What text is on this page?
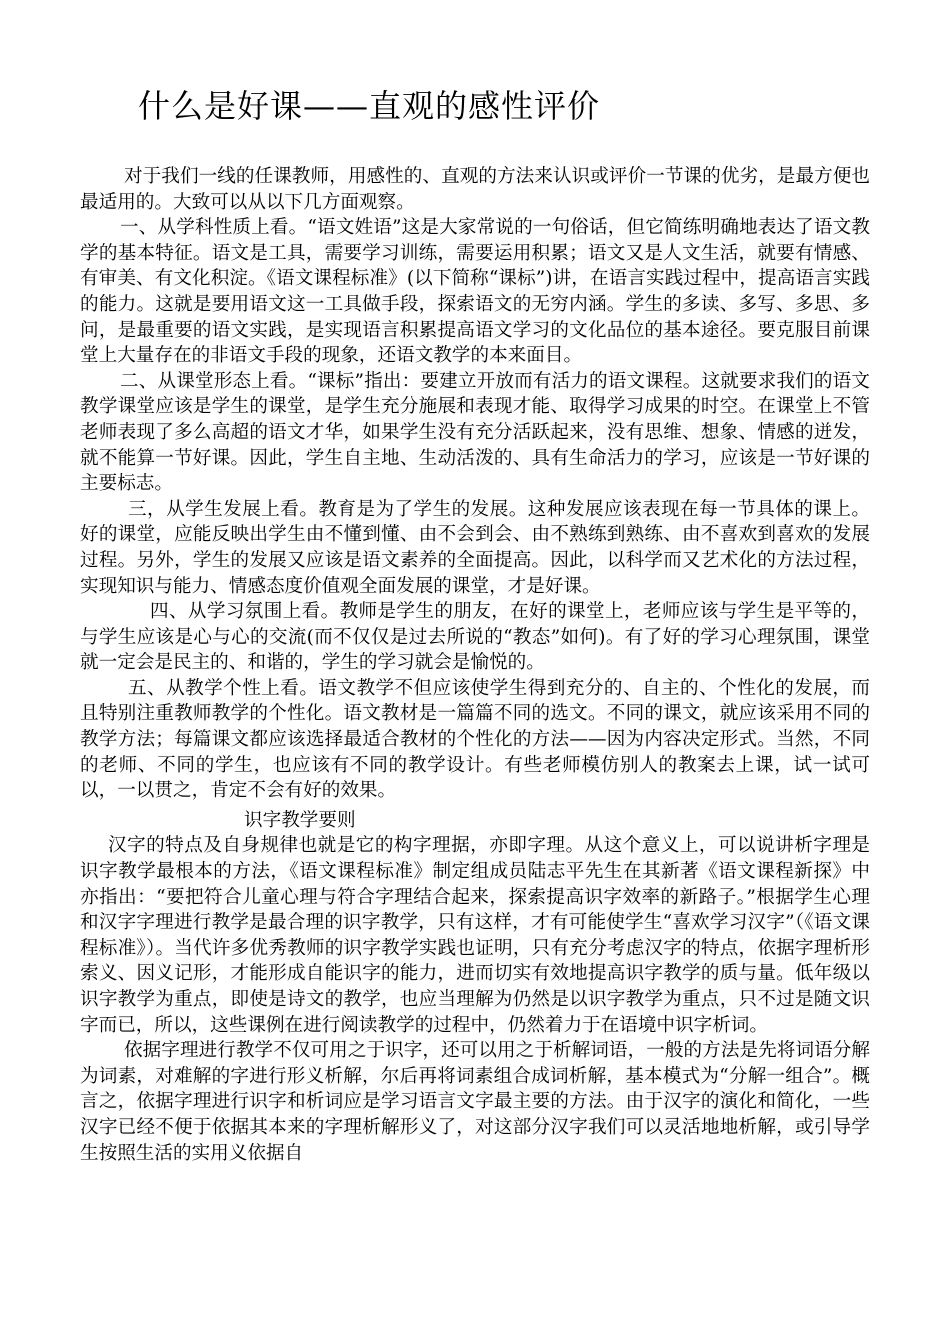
什么是好课——直观的感性评价

对于我们一线的任课教师，用感性的、直观的方法来认识或评价一节课的优劣，是最方便也最适用的。大致可以从以下几方面观察。

一、从学科性质上看。“语文姓语”这是大家常说的一句俗话，但它简练明确地表达了语文教学的基本特征。语文是工具，需要学习训练，需要运用积累；语文又是人文生活，就要有情感、有审美、有文化积淀。《语文课程标准》(以下简称“课标”)讲，在语言实践过程中，提高语言实践的能力。这就是要用语文这一工具做手段，探索语文的无穷内涵。学生的多读、多写、多思、多问，是最重要的语文实践，是实现语言积累提高语文学习的文化品位的基本途径。要克服目前课堂上大量存在的非语文手段的现象，还语文教学的本来面目。

二、从课堂形态上看。“课标”指出：要建立开放而有活力的语文课程。这就要求我们的语文教学课堂应该是学生的课堂，是学生充分施展和表现才能、取得学习成果的时空。在课堂上不管老师表现了多么高超的语文才华，如果学生没有充分活跃起来，没有思维、想象、情感的迸发，就不能算一节好课。因此，学生自主地、生动活泼的、具有生命活力的学习，应该是一节好课的主要标志。

三，从学生发展上看。教育是为了学生的发展。这种发展应该表现在每一节具体的课上。好的课堂，应能反映出学生由不懂到懂、由不会到会、由不熟练到熟练、由不喜欢到喜欢的发展过程。另外，学生的发展又应该是语文素养的全面提高。因此，以科学而又艺术化的方法过程，实现知识与能力、情感态度价值观全面发展的课堂，才是好课。

四、从学习氛围上看。教师是学生的朋友，在好的课堂上，老师应该与学生是平等的，与学生应该是心与心的交流(而不仅仅是过去所说的“教态”如何)。有了好的学习心理氛围，课堂就一定会是民主的、和谐的，学生的学习就会是愉悦的。

五、从教学个性上看。语文教学不但应该使学生得到充分的、自主的、个性化的发展，而且特别注重教师教学的个性化。语文教材是一篇篇不同的选文。不同的课文，就应该采用不同的教学方法；每篇课文都应该选择最适合教材的个性化的方法——因为内容决定形式。当然，不同的老师、不同的学生，也应该有不同的教学设计。有些老师模仿别人的教案去上课，试一试可以，一以贯之，肯定不会有好的效果。

识字教学要则

汉字的特点及自身规律也就是它的构字理据，亦即字理。从这个意义上，可以说讲析字理是识字教学最根本的方法，《语文课程标准》制定组成员陆志平先生在其新著《语文课程新探》中亦指出：“要把符合儿童心理与符合字理结合起来，探索提高识字效率的新路子。”根据学生心理和汉字字理进行教学是最合理的识字教学，只有这样，才有可能使学生“喜欢学习汉字”（《语文课程标准》）。当代许多优秀教师的识字教学实践也证明，只有充分考虑汉字的特点，依据字理析形索义、因义记形，才能形成自能识字的能力，进而切实有效地提高识字教学的质与量。低年级以识字教学为重点，即使是诗文的教学，也应当理解为仍然是以识字教学为重点，只不过是随文识字而已，所以，这些课例在进行阅读教学的过程中，仍然着力于在语境中识字析词。

依据字理进行教学不仅可用之于识字，还可以用之于析解词语，一般的方法是先将词语分解为词素，对难解的字进行形义析解，尔后再将词素组合成词析解，基本模式为“分解一组合”。概言之，依据字理进行识字和析词应是学习语言文字最主要的方法。由于汉字的演化和简化，一些汉字已经不便于依据其本来的字理析解形义了，对这部分汉字我们可以灵活地地析解，或引导学生按照生活的实用义依据自
